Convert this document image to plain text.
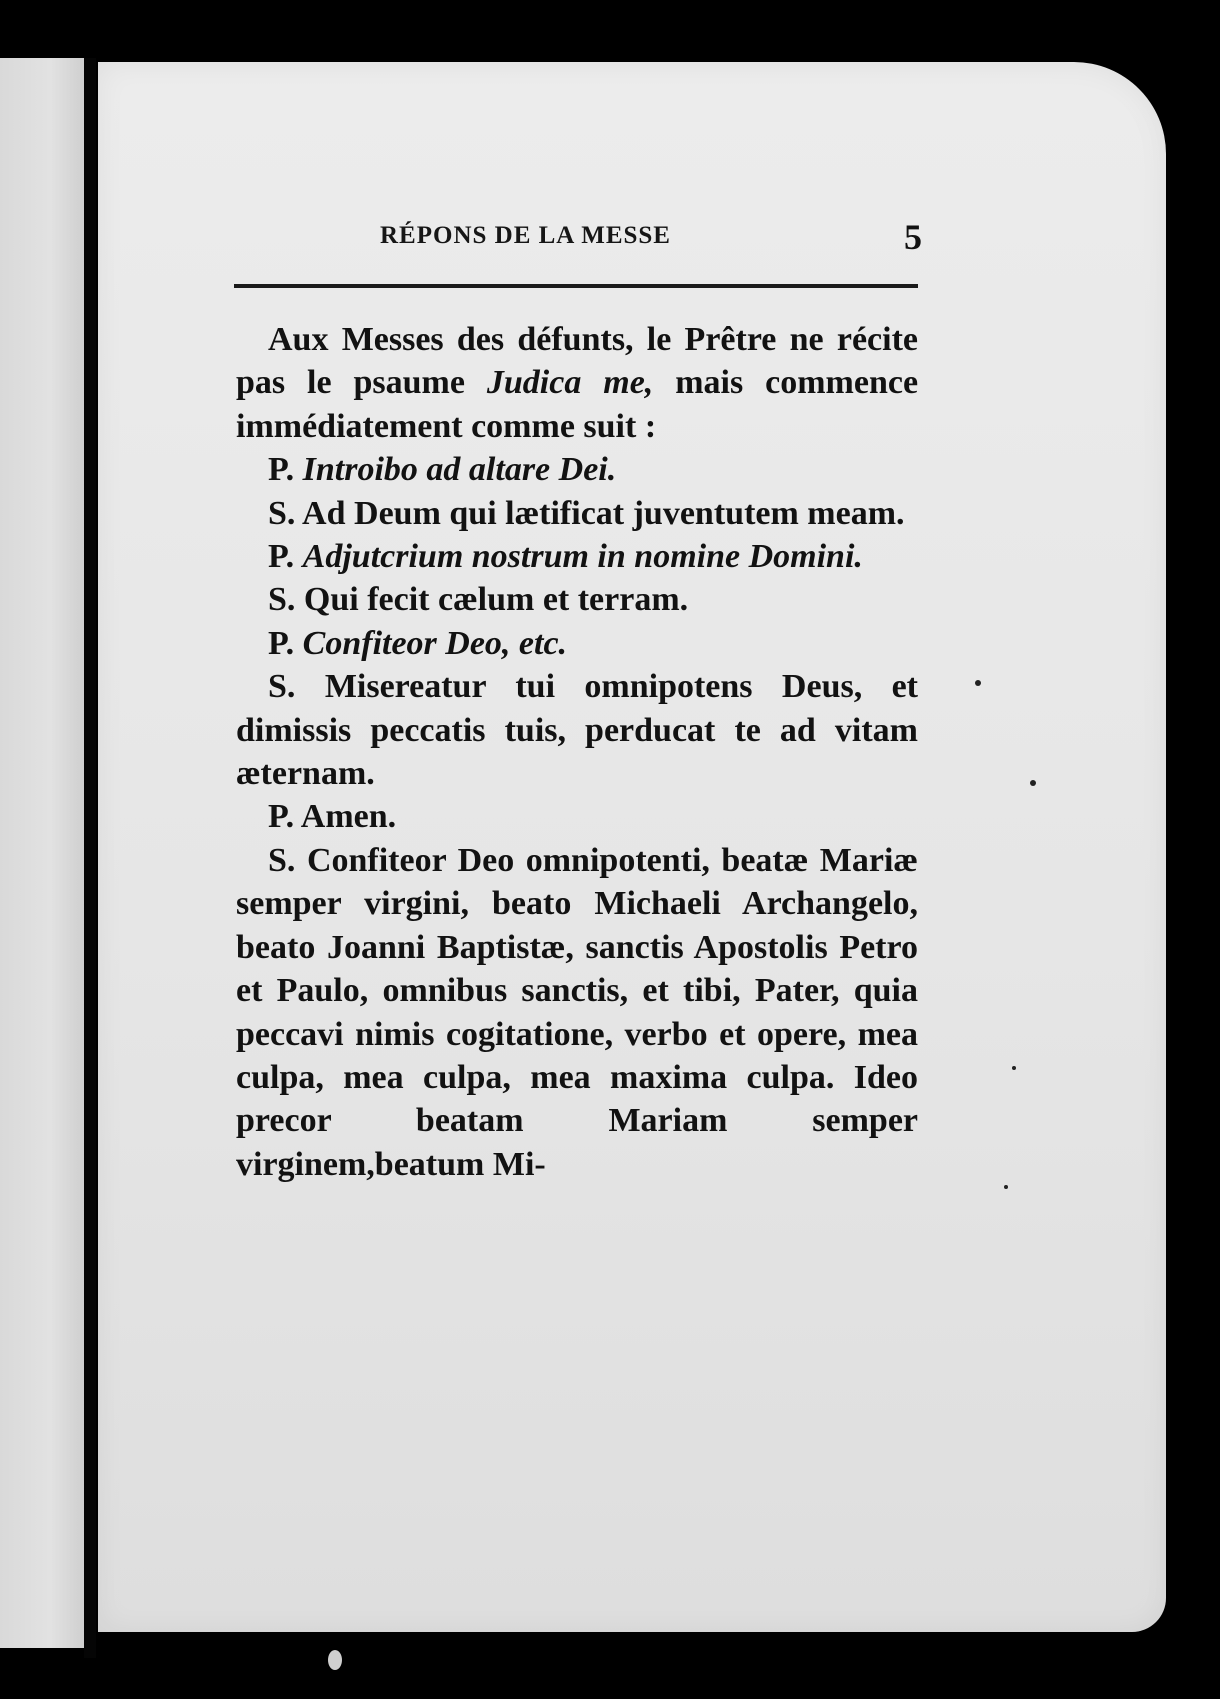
RÉPONS DE LA MESSE	5

Aux Messes des défunts, le Prêtre ne récite pas le psaume Judica me, mais commence immédiatement comme suit :

P. Introibo ad altare Dei.

S. Ad Deum qui lætificat juventutem meam.

P. Adjutcrium nostrum in nomine Domini.

S. Qui fecit cælum et terram.

P. Confiteor Deo, etc.

S. Misereatur tui omnipotens Deus, et dimissis peccatis tuis, perducat te ad vitam æternam.

P. Amen.

S. Confiteor Deo omnipotenti, beatæ Mariæ semper virgini, beato Michaeli Archangelo, beato Joanni Baptistæ, sanctis Apostolis Petro et Paulo, omnibus sanctis, et tibi, Pater, quia peccavi nimis cogitatione, verbo et opere, mea culpa, mea culpa, mea maxima culpa. Ideo precor beatam Mariam semper virginem,beatum Mi-
